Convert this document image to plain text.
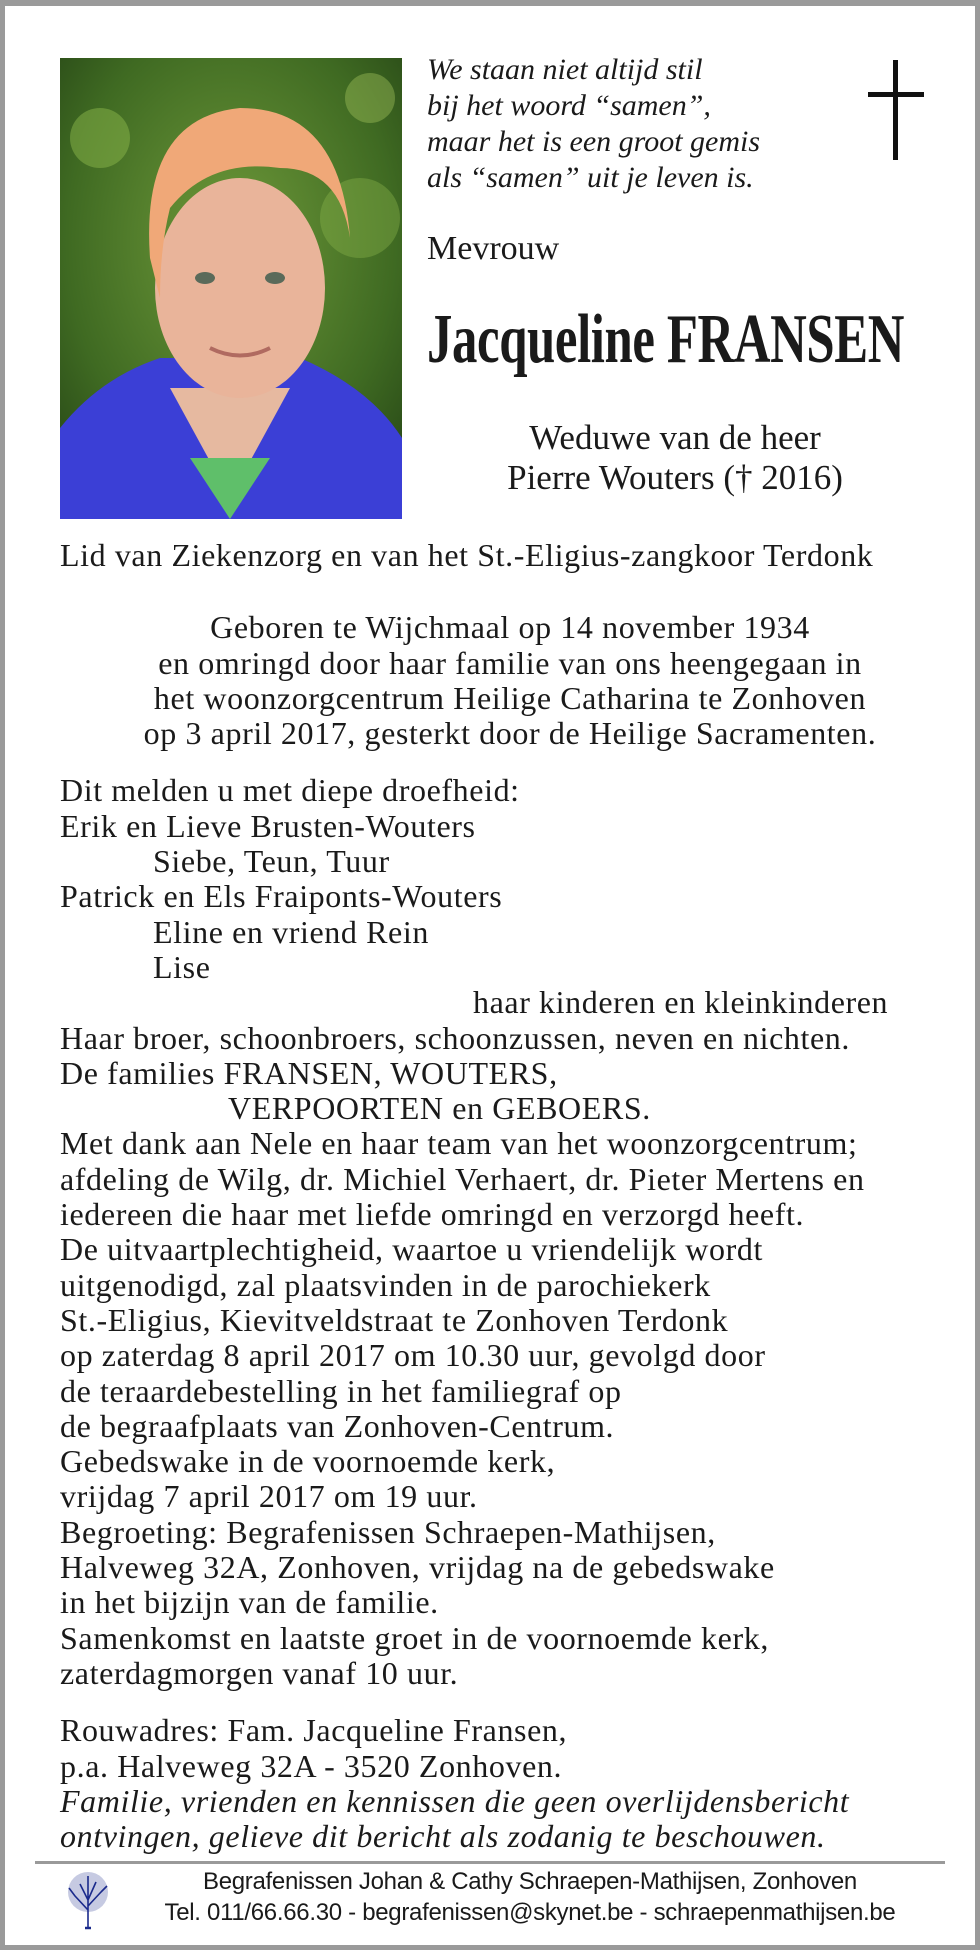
We staan niet altijd stil
bij het woord “samen”,
maar het is een groot gemis
als “samen” uit je leven is.
Mevrouw
Jacqueline FRANSEN
Weduwe van de heer
Pierre Wouters († 2016)
Lid van Ziekenzorg en van het St.-Eligius-zangkoor Terdonk
Geboren te Wijchmaal op 14 november 1934
en omringd door haar familie van ons heengegaan in
het woonzorgcentrum Heilige Catharina te Zonhoven
op 3 april 2017, gesterkt door de Heilige Sacramenten.
Dit melden u met diepe droefheid:
Erik en Lieve Brusten-Wouters
Siebe, Teun, Tuur
Patrick en Els Fraiponts-Wouters
Eline en vriend Rein
Lise
haar kinderen en kleinkinderen
Haar broer, schoonbroers, schoonzussen, neven en nichten.
De families FRANSEN, WOUTERS,
VERPOORTEN en GEBOERS.
Met dank aan Nele en haar team van het woonzorgcentrum;
afdeling de Wilg, dr. Michiel Verhaert, dr. Pieter Mertens en
iedereen die haar met liefde omringd en verzorgd heeft.
De uitvaartplechtigheid, waartoe u vriendelijk wordt
uitgenodigd, zal plaatsvinden in de parochiekerk
St.-Eligius, Kievitveldstraat te Zonhoven Terdonk
op zaterdag 8 april 2017 om 10.30 uur, gevolgd door
de teraardebestelling in het familiegraf op
de begraafplaats van Zonhoven-Centrum.
Gebedswake in de voornoemde kerk,
vrijdag 7 april 2017 om 19 uur.
Begroeting: Begrafenissen Schraepen-Mathijsen,
Halveweg 32A, Zonhoven, vrijdag na de gebedswake
in het bijzijn van de familie.
Samenkomst en laatste groet in de voornoemde kerk,
zaterdagmorgen vanaf 10 uur.
Rouwadres: Fam. Jacqueline Fransen,
p.a. Halveweg 32A - 3520 Zonhoven.
Familie, vrienden en kennissen die geen overlijdensbericht
ontvingen, gelieve dit bericht als zodanig te beschouwen.
Begrafenissen Johan & Cathy Schraepen-Mathijsen, Zonhoven
Tel. 011/66.66.30 - begrafenissen@skynet.be - schraepenmathijsen.be
